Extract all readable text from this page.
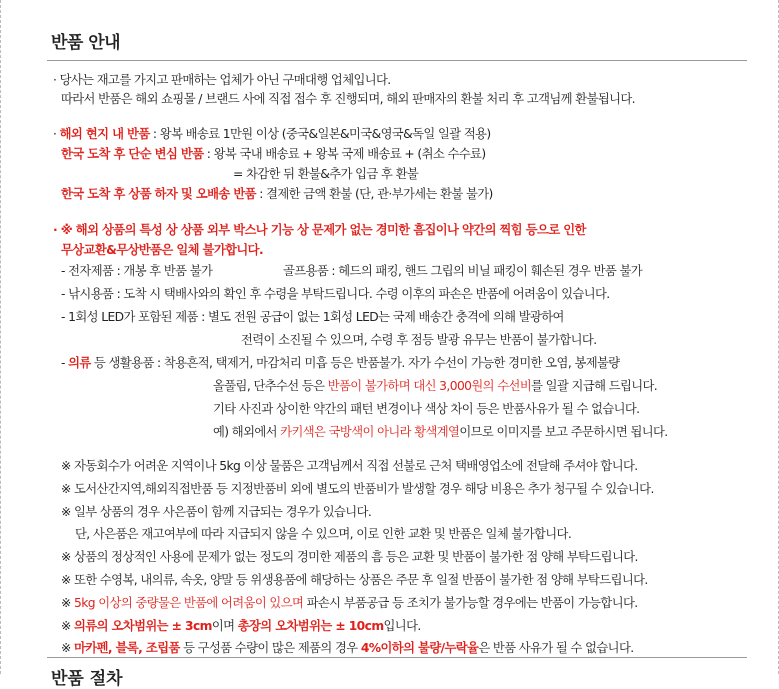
반품 안내
· 당사는 재고를 가지고 판매하는 업체가 아닌 구매대행 업체입니다.
따라서 반품은 해외 쇼핑몰 / 브랜드 사에 직접 접수 후 진행되며, 해외 판매자의 환불 처리 후 고객님께 환불됩니다.
· 해외 현지 내 반품 : 왕복 배송료 1만원 이상 (중국&일본&미국&영국&독일 일괄 적용)
한국 도착 후 단순 변심 반품 : 왕복 국내 배송료 + 왕복 국제 배송료 + (취소 수수료)
= 차감한 뒤 환불&추가 입금 후 환불
한국 도착 후 상품 하자 및 오배송 반품 : 결제한 금액 환불 (단, 관·부가세는 환불 불가)
· ※ 해외 상품의 특성 상 상품 외부 박스나 기능 상 문제가 없는 경미한 흠집이나 약간의 찍힘 등으로 인한
무상교환&무상반품은 일체 불가합니다.
- 전자제품 : 개봉 후 반품 불가	골프용품 : 헤드의 패킹, 핸드 그립의 비닐 패킹이 훼손된 경우 반품 불가
- 낚시용품 : 도착 시 택배사와의 확인 후 수령을 부탁드립니다. 수령 이후의 파손은 반품에 어려움이 있습니다.
- 1회성 LED가 포함된 제품 : 별도 전원 공급이 없는 1회성 LED는 국제 배송간 충격에 의해 발광하여
전력이 소진될 수 있으며, 수령 후 점등 발광 유무는 반품이 불가합니다.
- 의류 등 생활용품 : 착용흔적, 택제거, 마감처리 미흡 등은 반품불가. 자가 수선이 가능한 경미한 오염, 봉제불량
올풀림, 단추수선 등은 반품이 불가하며 대신 3,000원의 수선비를 일괄 지급해 드립니다.
기타 사진과 상이한 약간의 패턴 변경이나 색상 차이 등은 반품사유가 될 수 없습니다.
예) 해외에서 카키색은 국방색이 아니라 황색계열이므로 이미지를 보고 주문하시면 됩니다.
※ 자동회수가 어려운 지역이나 5kg 이상 물품은 고객님께서 직접 선불로 근처 택배영업소에 전달해 주셔야 합니다.
※ 도서산간지역,해외직접반품 등 지정반품비 외에 별도의 반품비가 발생할 경우 해당 비용은 추가 청구될 수 있습니다.
※ 일부 상품의 경우 사은품이 함께 지급되는 경우가 있습니다.
단, 사은품은 재고여부에 따라 지급되지 않을 수 있으며, 이로 인한 교환 및 반품은 일체 불가합니다.
※ 상품의 정상적인 사용에 문제가 없는 정도의 경미한 제품의 흠 등은 교환 및 반품이 불가한 점 양해 부탁드립니다.
※ 또한 수영복, 내의류, 속옷, 양말 등 위생용품에 해당하는 상품은 주문 후 일절 반품이 불가한 점 양해 부탁드립니다.
※ 5kg 이상의 중량물은 반품에 어려움이 있으며 파손시 부품공급 등 조치가 불가능할 경우에는 반품이 가능합니다.
※ 의류의 오차범위는 ± 3cm이며 총장의 오차범위는 ± 10cm입니다.
※ 마카펜, 블록, 조립품 등 구성품 수량이 많은 제품의 경우 4%이하의 불량/누락율은 반품 사유가 될 수 없습니다.
반품 절차
